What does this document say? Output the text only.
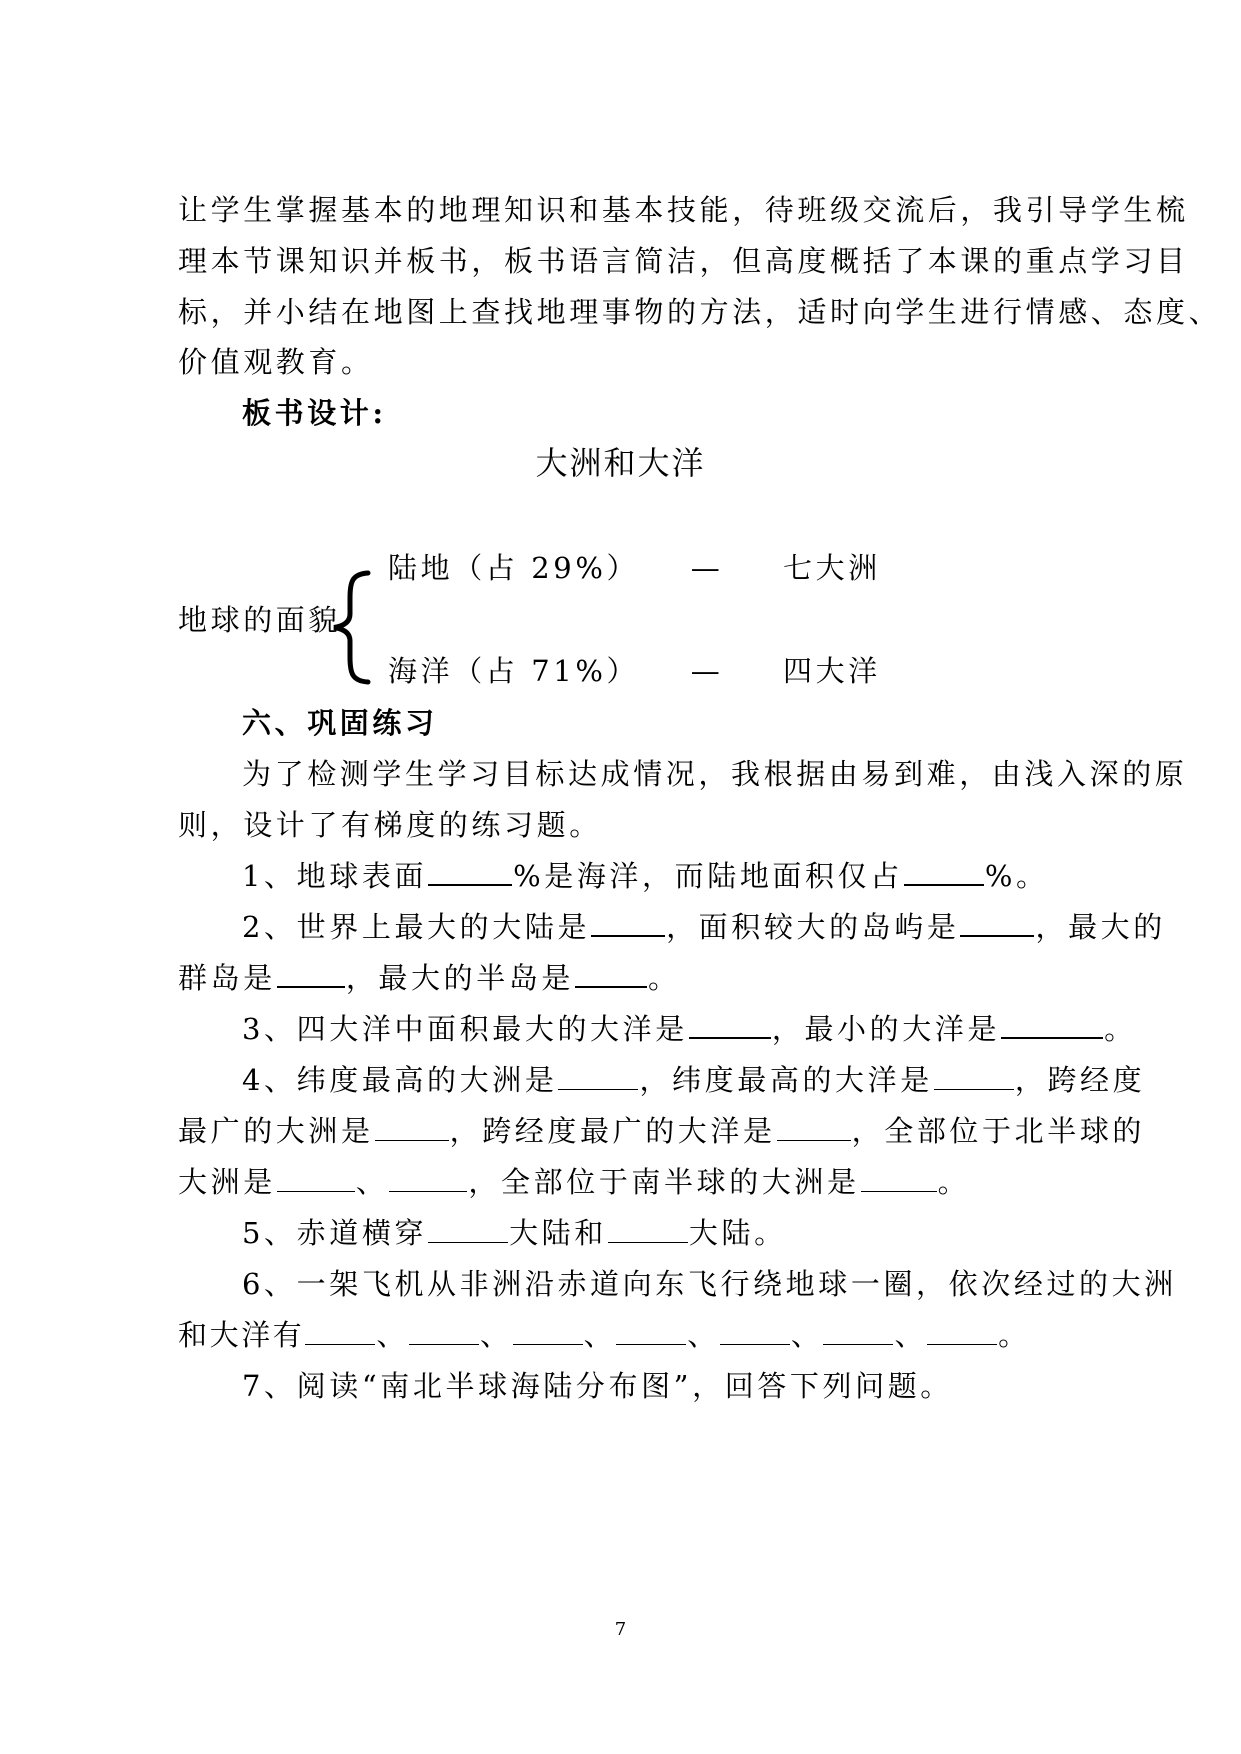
让学生掌握基本的地理知识和基本技能，待班级交流后，我引导学生梳
理本节课知识并板书，板书语言简洁，但高度概括了本课的重点学习目
标，并小结在地图上查找地理事物的方法，适时向学生进行情感、态度、
价值观教育。
板书设计:
大洲和大洋
陆地（占 29%） — 七大洲
地球的面貌
海洋（占 71%） — 四大洋
六、巩固练习
为了检测学生学习目标达成情况，我根据由易到难，由浅入深的原
则，设计了有梯度的练习题。
1、地球表面	%是海洋，而陆地面积仅占	%。
2、世界上最大的大陆是	，面积较大的岛屿是	，最大的
群岛是 ，最大的半岛是	。
3、四大洋中面积最大的大洋是	，最小的大洋是	。
4、纬度最高的大洲是	，纬度最高的大洋是	，跨经度
最广的大洲是	，跨经度最广的大洋是	，全部位于北半球的
大洲是	、	，全部位于南半球的大洲是	。
5、赤道横穿	大陆和	大陆。
6、一架飞机从非洲沿赤道向东飞行绕地球一圈，依次经过的大洲
和大洋有 、 、 、 、 、 、 。
7、阅读“南北半球海陆分布图”，回答下列问题。
7
